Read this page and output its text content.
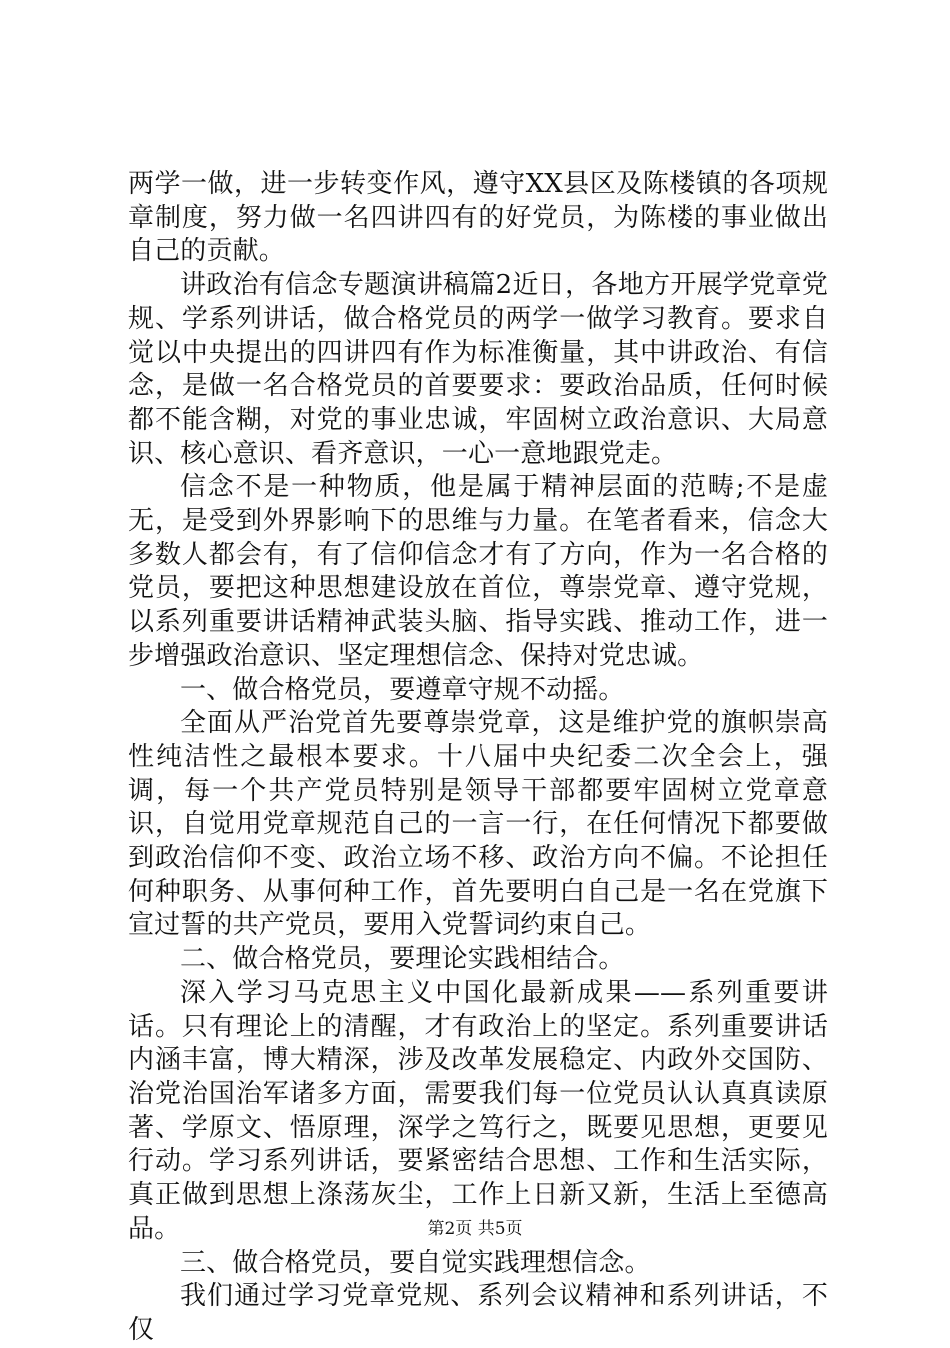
两学一做，进一步转变作风，遵守XX县区及陈楼镇的各项规章制度，努力做一名四讲四有的好党员，为陈楼的事业做出自己的贡献。

讲政治有信念专题演讲稿篇2近日，各地方开展学党章党规、学系列讲话，做合格党员的两学一做学习教育。要求自觉以中央提出的四讲四有作为标准衡量，其中讲政治、有信念，是做一名合格党员的首要要求：要政治品质，任何时候都不能含糊，对党的事业忠诚，牢固树立政治意识、大局意识、核心意识、看齐意识，一心一意地跟党走。

信念不是一种物质，他是属于精神层面的范畴;不是虚无，是受到外界影响下的思维与力量。在笔者看来，信念大多数人都会有，有了信仰信念才有了方向，作为一名合格的党员，要把这种思想建设放在首位，尊崇党章、遵守党规，以系列重要讲话精神武装头脑、指导实践、推动工作，进一步增强政治意识、坚定理想信念、保持对党忠诚。

一、做合格党员，要遵章守规不动摇。

全面从严治党首先要尊崇党章，这是维护党的旗帜崇高性纯洁性之最根本要求。十八届中央纪委二次全会上，强调，每一个共产党员特别是领导干部都要牢固树立党章意识，自觉用党章规范自己的一言一行，在任何情况下都要做到政治信仰不变、政治立场不移、政治方向不偏。不论担任何种职务、从事何种工作，首先要明白自己是一名在党旗下宣过誓的共产党员，要用入党誓词约束自己。

二、做合格党员，要理论实践相结合。

深入学习马克思主义中国化最新成果——系列重要讲话。只有理论上的清醒，才有政治上的坚定。系列重要讲话内涵丰富，博大精深，涉及改革发展稳定、内政外交国防、治党治国治军诸多方面，需要我们每一位党员认认真真读原著、学原文、悟原理，深学之笃行之，既要见思想，更要见行动。学习系列讲话，要紧密结合思想、工作和生活实际，真正做到思想上涤荡灰尘，工作上日新又新，生活上至德高品。

三、做合格党员，要自觉实践理想信念。

我们通过学习党章党规、系列会议精神和系列讲话，不仅

第2页 共5页
